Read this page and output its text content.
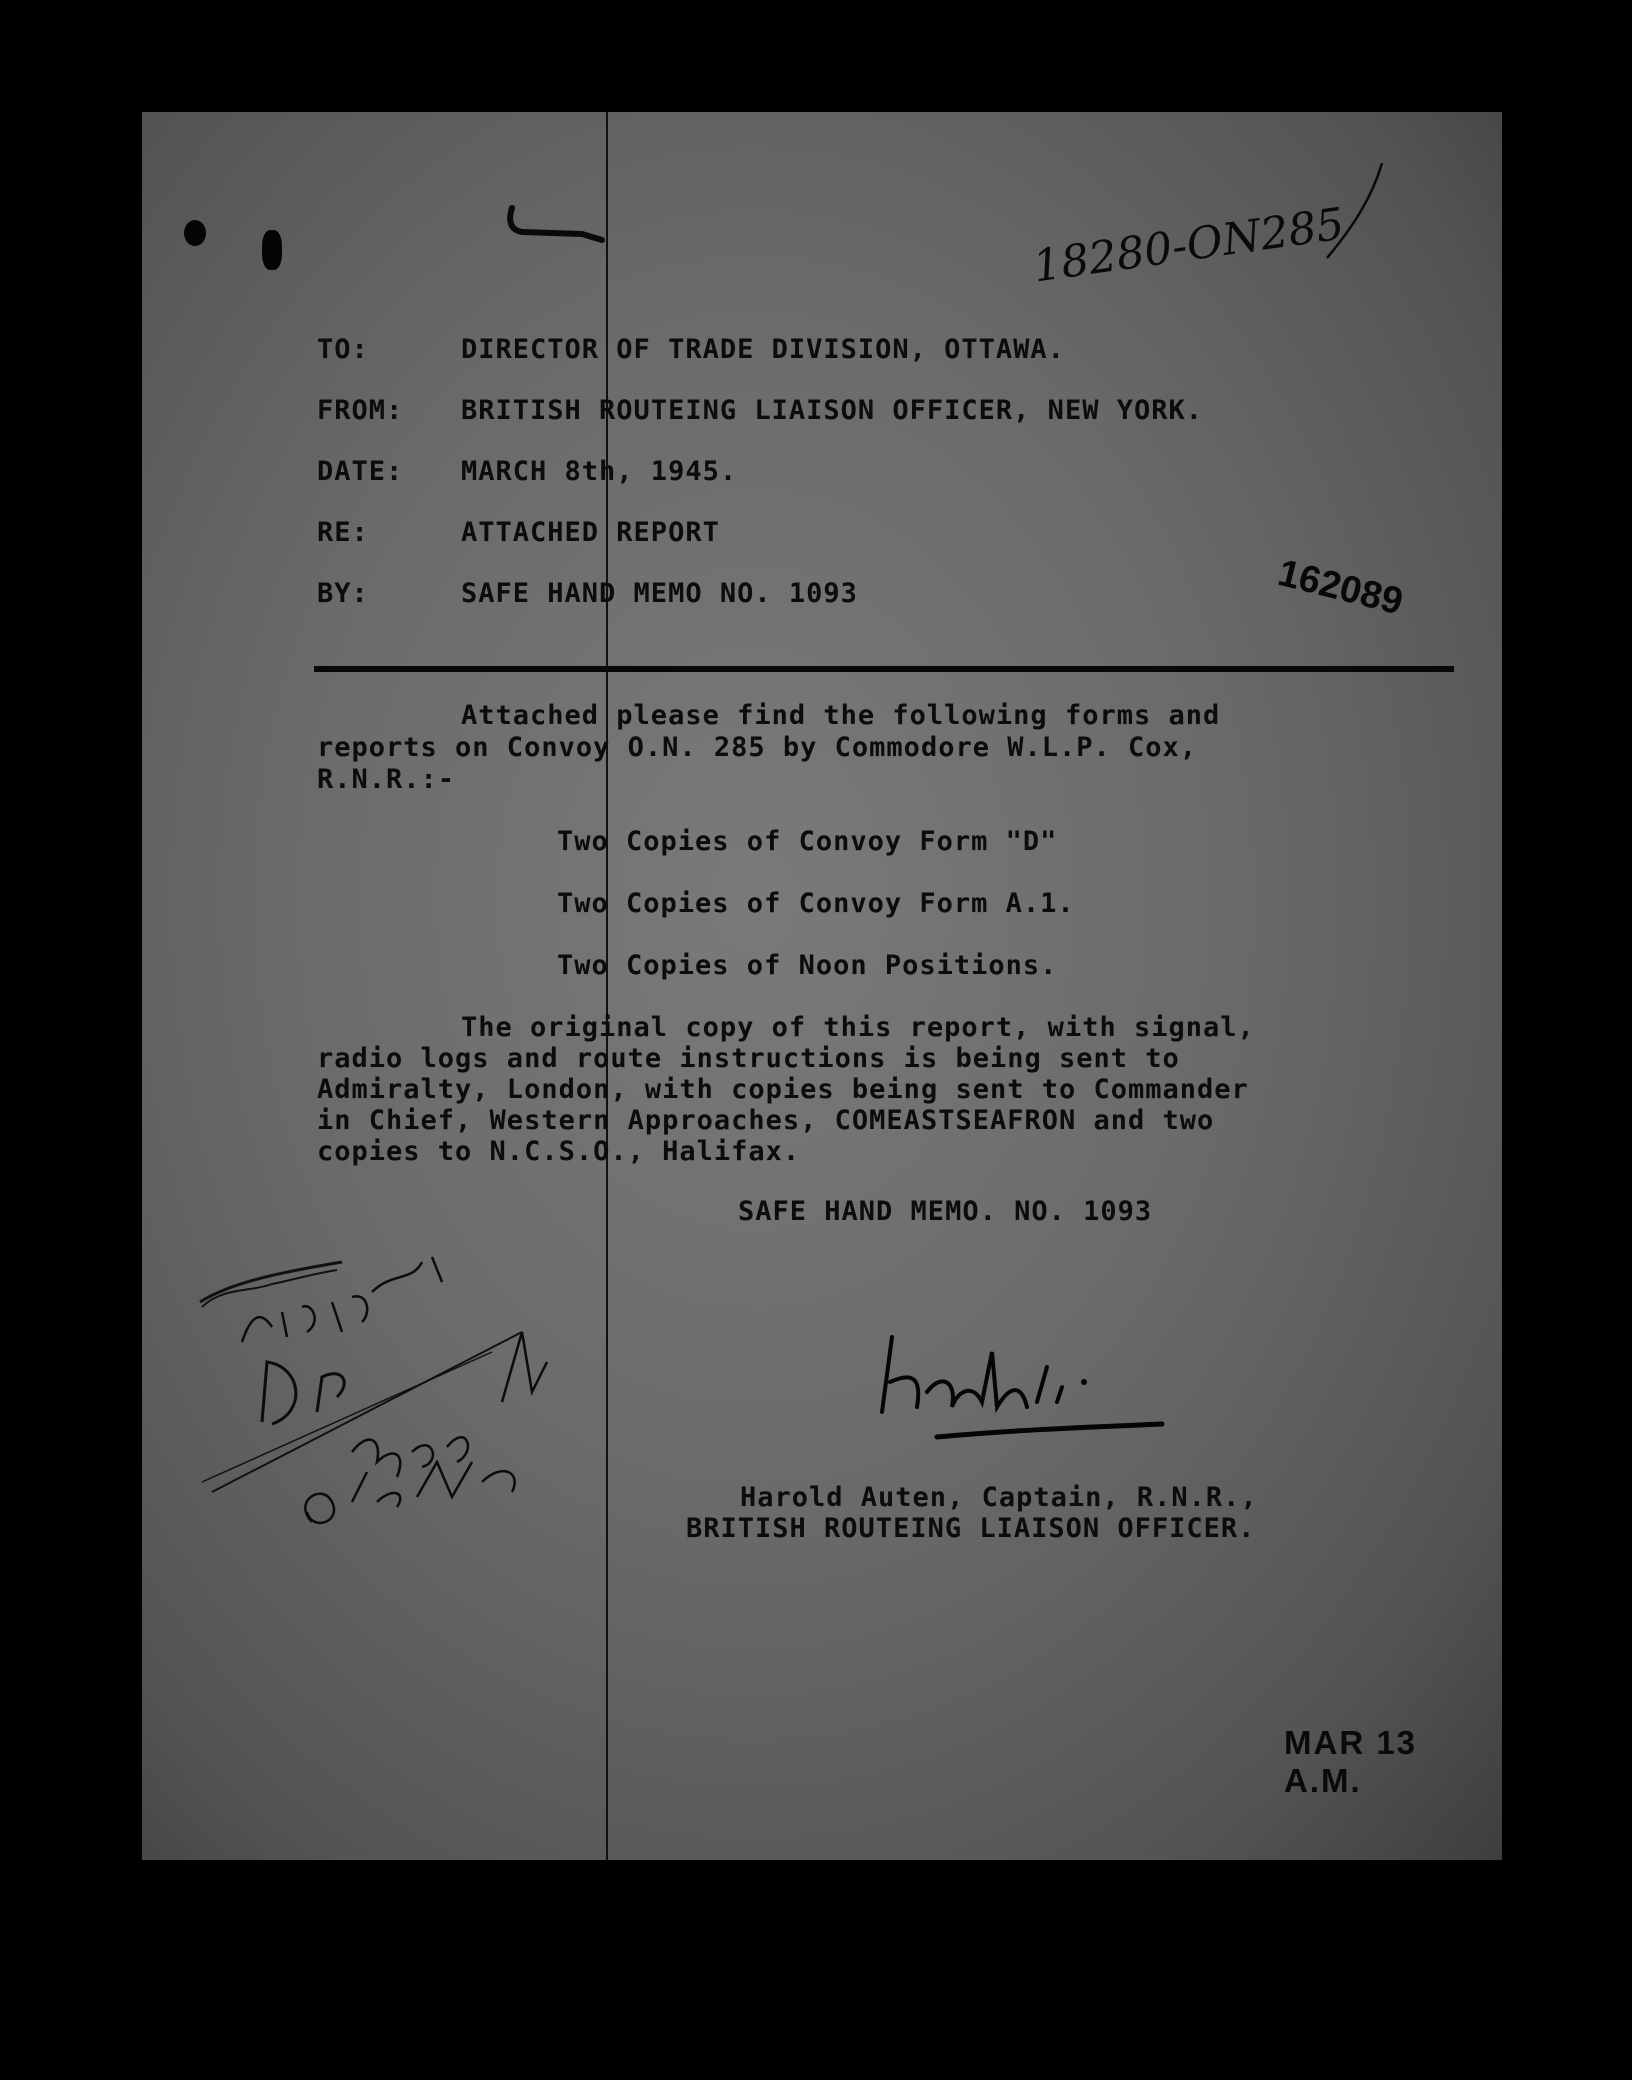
18280-ON285
TO:	DIRECTOR OF TRADE DIVISION, OTTAWA.
FROM: BRITISH ROUTEING LIAISON OFFICER, NEW YORK.
DATE: MARCH 8th, 1945.
RE:	ATTACHED REPORT
BY:	SAFE HAND MEMO NO. 1093	162089
Attached please find the following forms and
reports on Convoy O.N. 285 by Commodore W.L.P. Cox,
R.N.R.:-
Two Copies of Convoy Form "D"
Two Copies of Convoy Form A.1.
Two Copies of Noon Positions.
The original copy of this report, with signal,
radio logs and route instructions is being sent to
Admiralty, London, with copies being sent to Commander
in Chief, Western Approaches, COMEASTSEAFRON and two
copies to N.C.S.O., Halifax.
SAFE HAND MEMO. NO. 1093
Harold Auten, Captain, R.N.R.,
BRITISH ROUTEING LIAISON OFFICER.
MAR 13 A.M.
